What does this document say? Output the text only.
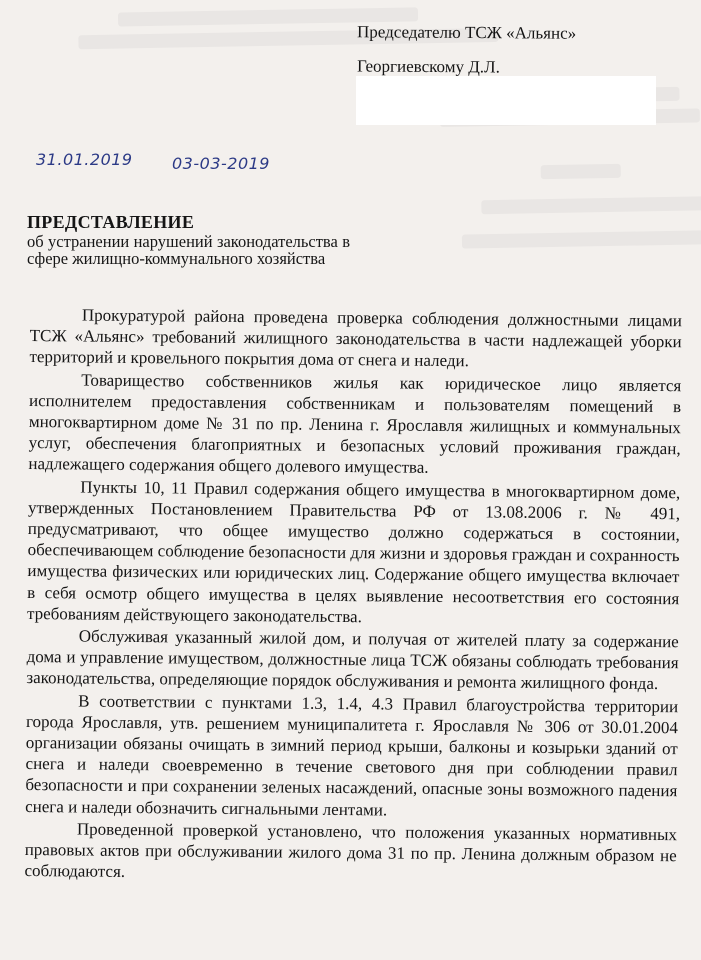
Председателю ТСЖ «Альянс»
Георгиевскому Д.Л.
31.01.2019 03-03-2019
ПРЕДСТАВЛЕНИЕ
об устранении нарушений законодательства в сфере жилищно-коммунального хозяйства

Прокуратурой района проведена проверка соблюдения должностными лицами ТСЖ «Альянс» требований жилищного законодательства в части надлежащей уборки территорий и кровельного покрытия дома от снега и наледи.

Товарищество собственников жилья как юридическое лицо является исполнителем предоставления собственникам и пользователям помещений в многоквартирном доме № 31 по пр. Ленина г. Ярославля жилищных и коммунальных услуг, обеспечения благоприятных и безопасных условий проживания граждан, надлежащего содержания общего долевого имущества.

Пункты 10, 11 Правил содержания общего имущества в многоквартирном доме, утвержденных Постановлением Правительства РФ от 13.08.2006 г. № 491, предусматривают, что общее имущество должно содержаться в состоянии, обеспечивающем соблюдение безопасности для жизни и здоровья граждан и сохранность имущества физических или юридических лиц. Содержание общего имущества включает в себя осмотр общего имущества в целях выявление несоответствия его состояния требованиям действующего законодательства.

Обслуживая указанный жилой дом, и получая от жителей плату за содержание дома и управление имуществом, должностные лица ТСЖ обязаны соблюдать требования законодательства, определяющие порядок обслуживания и ремонта жилищного фонда.

В соответствии с пунктами 1.3, 1.4, 4.3 Правил благоустройства территории города Ярославля, утв. решением муниципалитета г. Ярославля № 306 от 30.01.2004 организации обязаны очищать в зимний период крыши, балконы и козырьки зданий от снега и наледи своевременно в течение светового дня при соблюдении правил безопасности и при сохранении зеленых насаждений, опасные зоны возможного падения снега и наледи обозначить сигнальными лентами.

Проведенной проверкой установлено, что положения указанных нормативных правовых актов при обслуживании жилого дома 31 по пр. Ленина должным образом не соблюдаются.
